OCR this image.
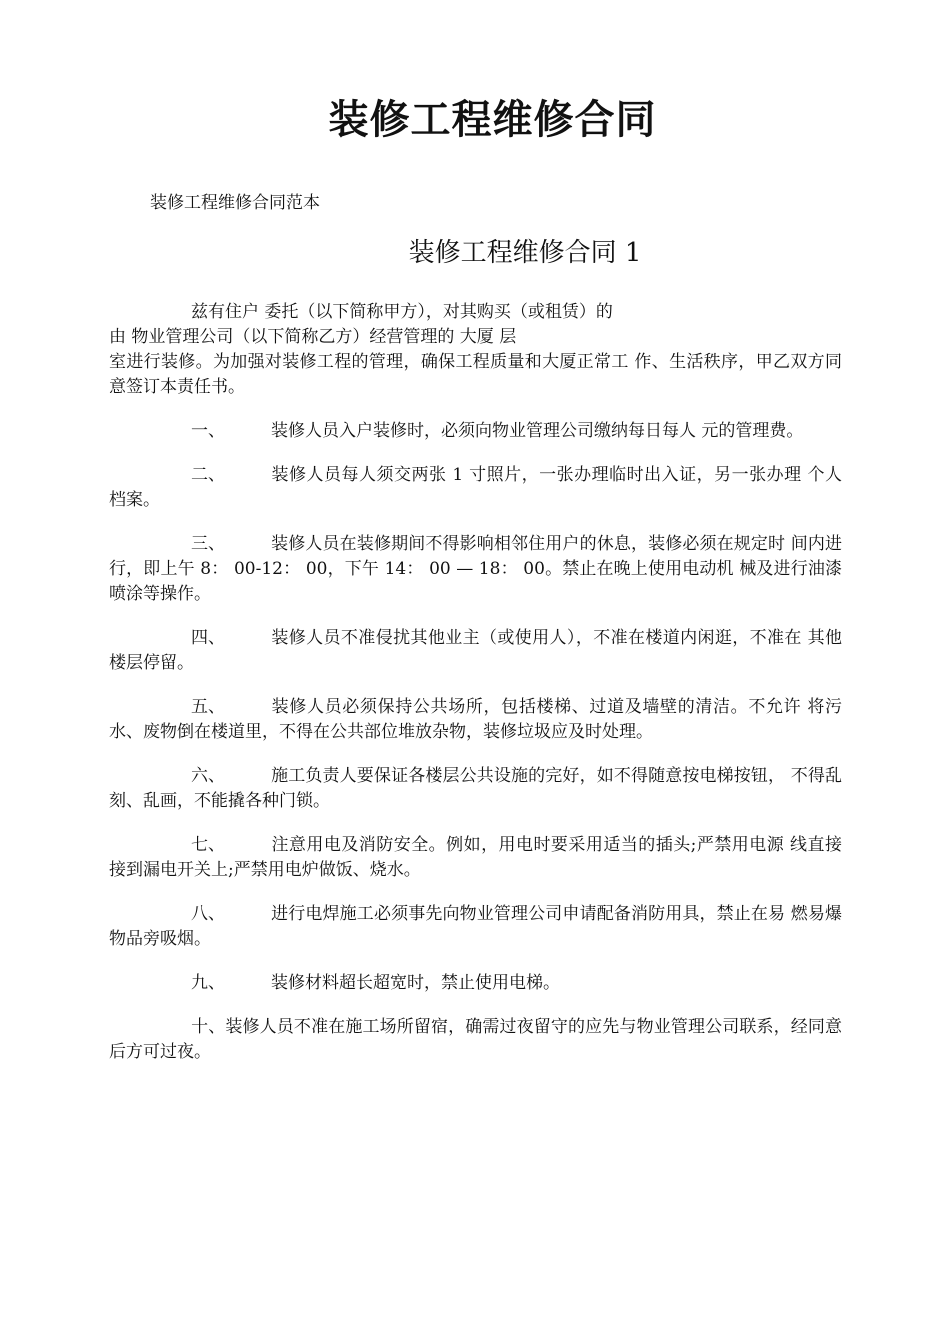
装修工程维修合同

装修工程维修合同范本

装修工程维修合同 1

兹有住户 委托（以下简称甲方），对其购买（或租赁）的
由 物业管理公司（以下简称乙方）经营管理的 大厦 层
室进行装修。为加强对装修工程的管理，确保工程质量和大厦正常工 作、生活秩序，甲乙双方同意签订本责任书。

一、	装修人员入户装修时，必须向物业管理公司缴纳每日每人 元的管理费。

二、	装修人员每人须交两张 1 寸照片，一张办理临时出入证，另一张办理 个人档案。

三、	装修人员在装修期间不得影响相邻住用户的休息，装修必须在规定时 间内进行，即上午 8： 00-12： 00，下午 14： 00 — 18： 00。禁止在晚上使用电动机 械及进行油漆喷涂等操作。

四、	装修人员不准侵扰其他业主（或使用人），不准在楼道内闲逛，不准在 其他楼层停留。

五、	装修人员必须保持公共场所，包括楼梯、过道及墙壁的清洁。不允许 将污水、废物倒在楼道里，不得在公共部位堆放杂物，装修垃圾应及时处理。

六、	施工负责人要保证各楼层公共设施的完好，如不得随意按电梯按钮， 不得乱刻、乱画，不能撬各种门锁。

七、	注意用电及消防安全。例如，用电时要采用适当的插头;严禁用电源 线直接接到漏电开关上;严禁用电炉做饭、烧水。

八、	进行电焊施工必须事先向物业管理公司申请配备消防用具，禁止在易 燃易爆物品旁吸烟。

九、	装修材料超长超宽时，禁止使用电梯。

十、装修人员不准在施工场所留宿，确需过夜留守的应先与物业管理公司联系，经同意后方可过夜。
